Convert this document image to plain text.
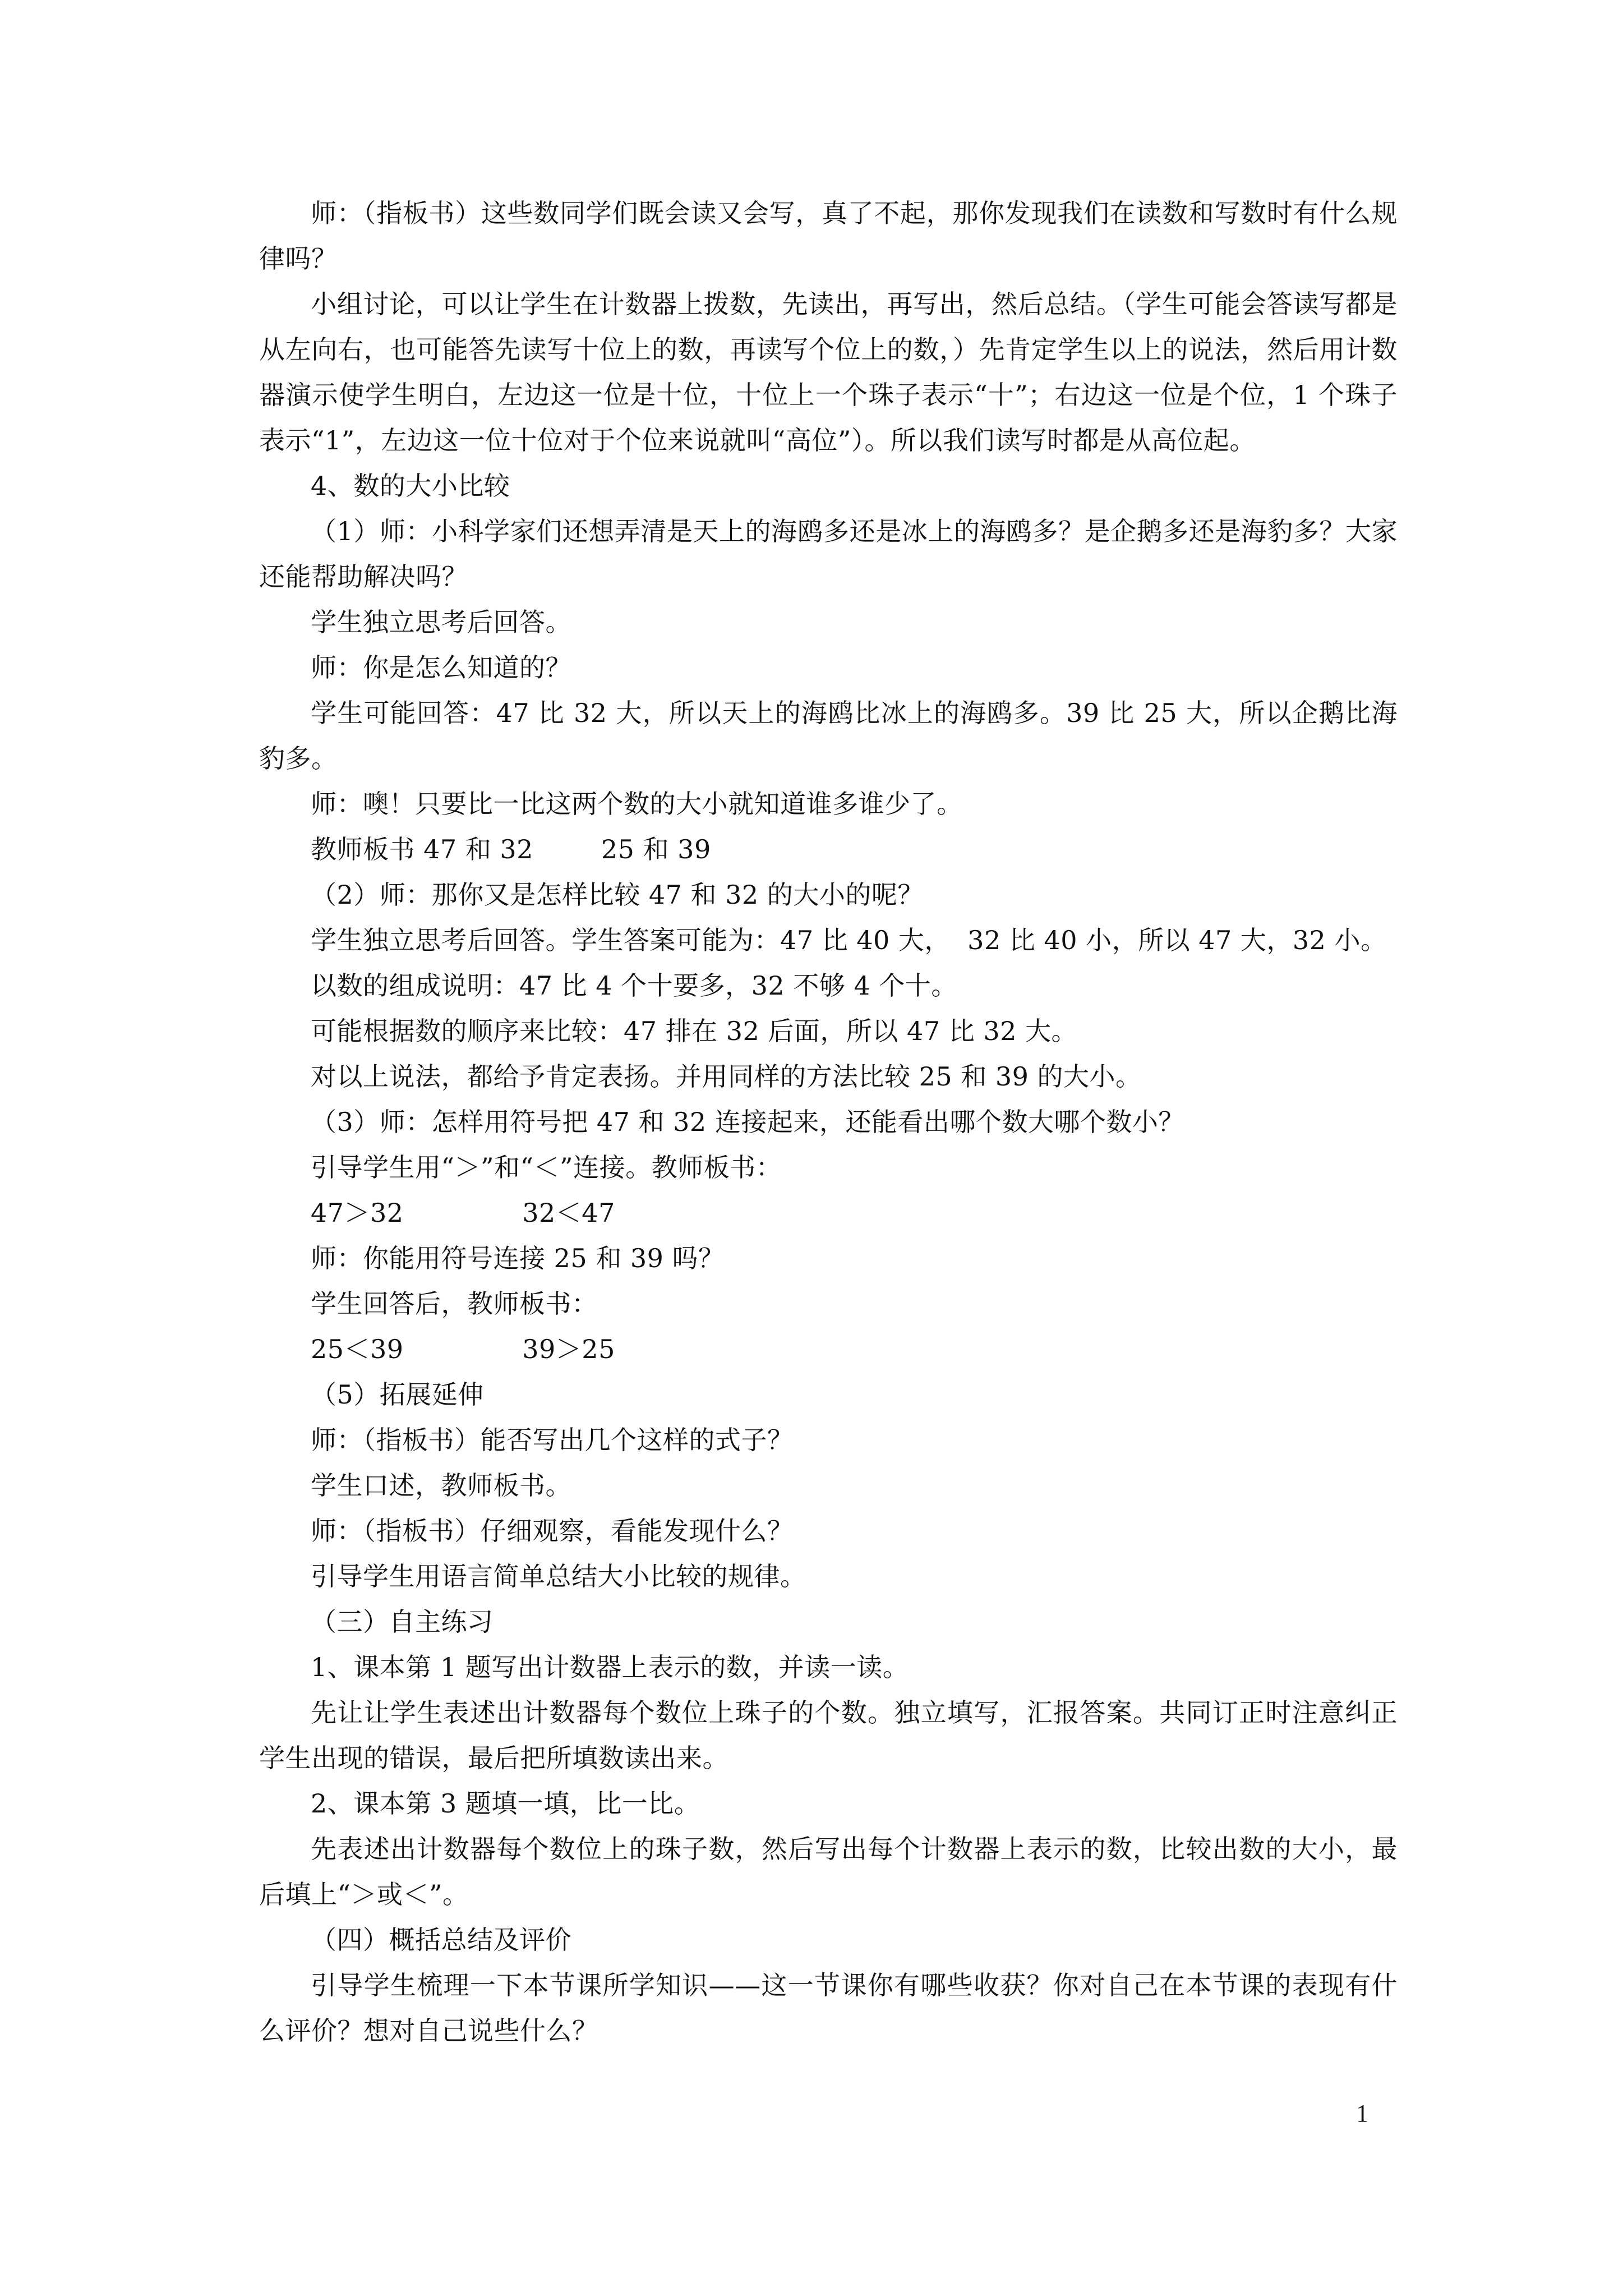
师：（指板书）这些数同学们既会读又会写，真了不起，那你发现我们在读数和写数时有什么规律吗？

小组讨论，可以让学生在计数器上拨数，先读出，再写出，然后总结。（学生可能会答读写都是从左向右，也可能答先读写十位上的数，再读写个位上的数，）先肯定学生以上的说法，然后用计数器演示使学生明白，左边这一位是十位，十位上一个珠子表示“十”；右边这一位是个位，1 个珠子表示“1”，左边这一位十位对于个位来说就叫“高位”）。所以我们读写时都是从高位起。

4、数的大小比较

（1）师：小科学家们还想弄清是天上的海鸥多还是冰上的海鸥多？是企鹅多还是海豹多？大家还能帮助解决吗？

学生独立思考后回答。

师：你是怎么知道的？

学生可能回答：47 比 32 大，所以天上的海鸥比冰上的海鸥多。39 比 25 大，所以企鹅比海豹多。

师：噢！只要比一比这两个数的大小就知道谁多谁少了。

教师板书 47 和 32        25 和 39

（2）师：那你又是怎样比较 47 和 32 的大小的呢？

学生独立思考后回答。学生答案可能为：47 比 40 大，  32 比 40 小，所以 47 大，32 小。

以数的组成说明：47 比 4 个十要多，32 不够 4 个十。

可能根据数的顺序来比较：47 排在 32 后面，所以 47 比 32 大。

对以上说法，都给予肯定表扬。并用同样的方法比较 25 和 39 的大小。

（3）师：怎样用符号把 47 和 32 连接起来，还能看出哪个数大哪个数小？

引导学生用“＞”和“＜”连接。教师板书：

47＞32              32＜47

师：你能用符号连接 25 和 39 吗？

学生回答后，教师板书：

25＜39              39＞25

（5）拓展延伸

师：（指板书）能否写出几个这样的式子？

学生口述，教师板书。

师：（指板书）仔细观察，看能发现什么？

引导学生用语言简单总结大小比较的规律。

（三）自主练习

1、课本第 1 题写出计数器上表示的数，并读一读。

先让让学生表述出计数器每个数位上珠子的个数。独立填写，汇报答案。共同订正时注意纠正学生出现的错误，最后把所填数读出来。

2、课本第 3 题填一填，比一比。

先表述出计数器每个数位上的珠子数，然后写出每个计数器上表示的数，比较出数的大小，最后填上“＞或＜”。

（四）概括总结及评价

引导学生梳理一下本节课所学知识——这一节课你有哪些收获？你对自己在本节课的表现有什么评价？想对自己说些什么？

1
